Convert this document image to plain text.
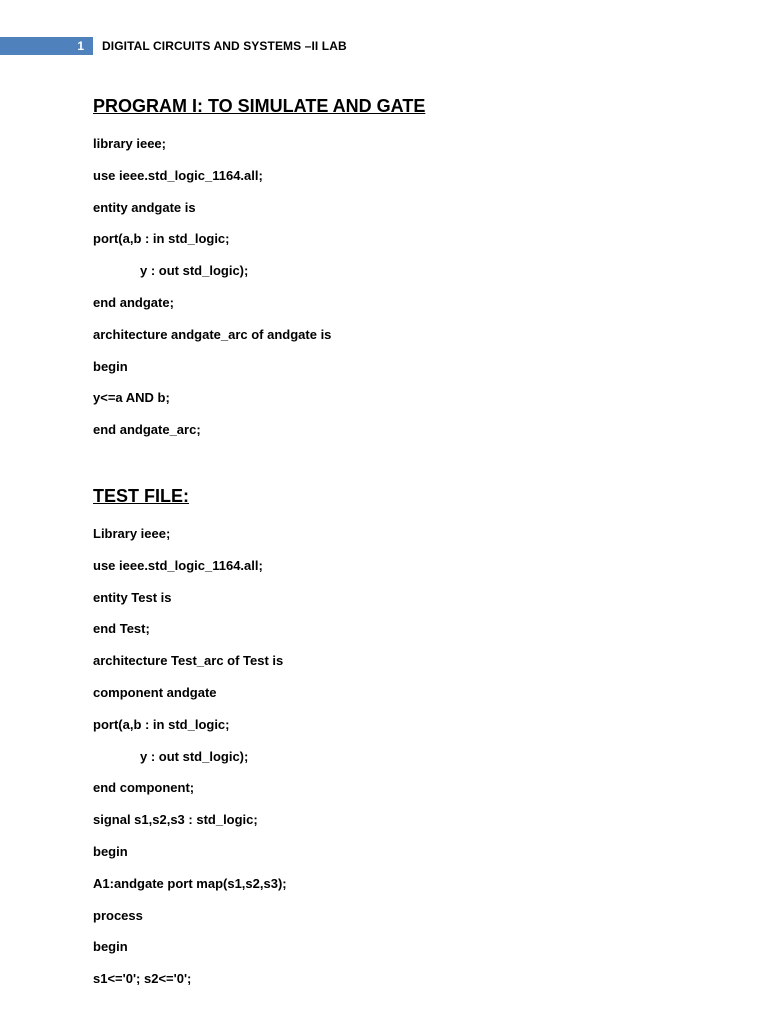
1 DIGITAL CIRCUITS AND SYSTEMS –II LAB
PROGRAM I: TO SIMULATE AND GATE
library ieee;
use ieee.std_logic_1164.all;
entity andgate is
port(a,b : in std_logic;
y : out std_logic);
end andgate;
architecture andgate_arc of andgate is
begin
y<=a AND b;
end andgate_arc;
TEST FILE:
Library ieee;
use ieee.std_logic_1164.all;
entity Test is
end Test;
architecture Test_arc of Test is
component andgate
port(a,b : in std_logic;
y : out std_logic);
end component;
signal s1,s2,s3 : std_logic;
begin
A1:andgate port map(s1,s2,s3);
process
begin
s1<='0'; s2<='0';
